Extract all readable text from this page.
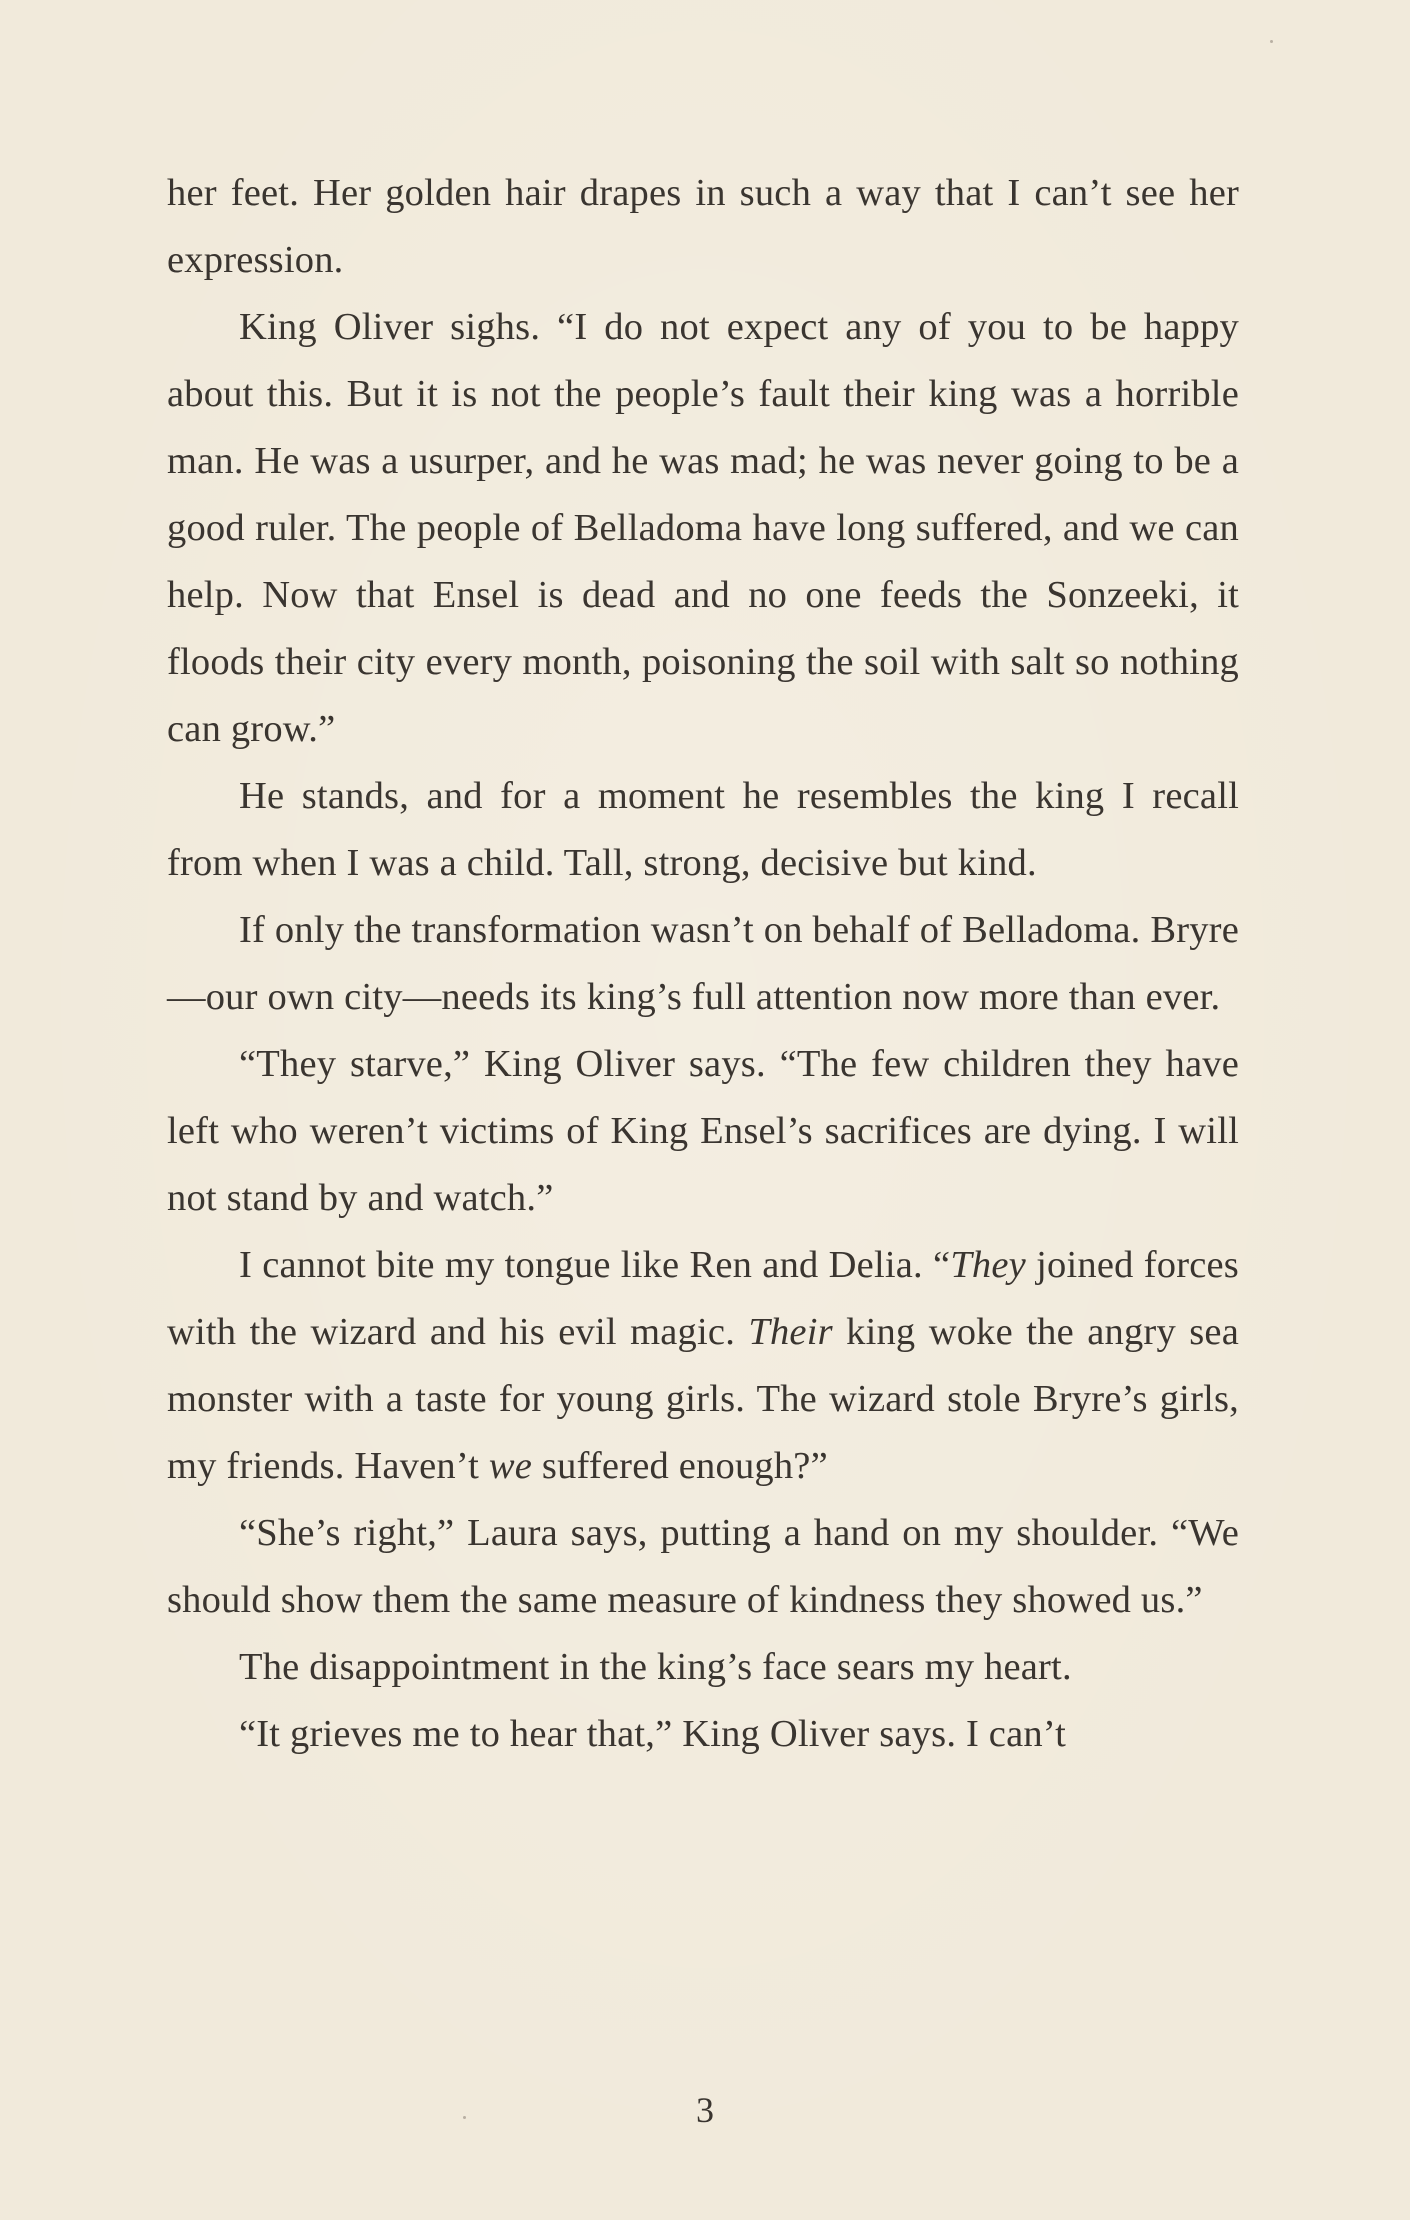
her feet. Her golden hair drapes in such a way that I can’t see her expression.

King Oliver sighs. “I do not expect any of you to be happy about this. But it is not the people’s fault their king was a horrible man. He was a usurper, and he was mad; he was never going to be a good ruler. The people of Belladoma have long suffered, and we can help. Now that Ensel is dead and no one feeds the Sonzeeki, it floods their city every month, poisoning the soil with salt so nothing can grow.”

He stands, and for a moment he resembles the king I recall from when I was a child. Tall, strong, decisive but kind.

If only the transformation wasn’t on behalf of Belladoma. Bryre—our own city—needs its king’s full attention now more than ever.

“They starve,” King Oliver says. “The few children they have left who weren’t victims of King Ensel’s sacrifices are dying. I will not stand by and watch.”

I cannot bite my tongue like Ren and Delia. “They joined forces with the wizard and his evil magic. Their king woke the angry sea monster with a taste for young girls. The wizard stole Bryre’s girls, my friends. Haven’t we suffered enough?”

“She’s right,” Laura says, putting a hand on my shoulder. “We should show them the same measure of kindness they showed us.”

The disappointment in the king’s face sears my heart.

“It grieves me to hear that,” King Oliver says. I can’t

3
